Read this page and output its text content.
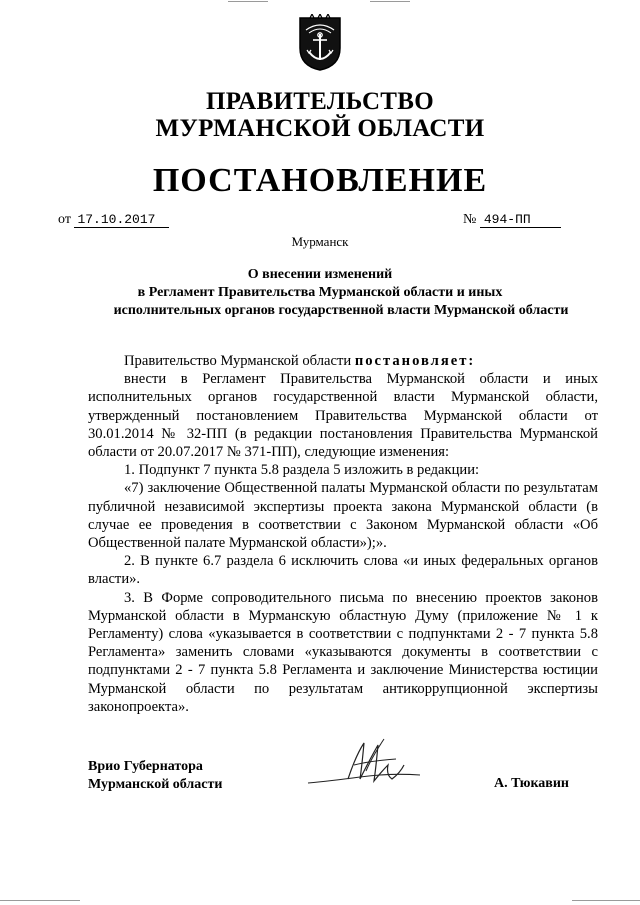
ПРАВИТЕЛЬСТВО
МУРМАНСКОЙ ОБЛАСТИ
ПОСТАНОВЛЕНИЕ
от 17.10.2017	№ 494-ПП
Мурманск
О внесении изменений
в Регламент Правительства Мурманской области и иных
исполнительных органов государственной власти Мурманской области

Правительство Мурманской области постановляет:

внести в Регламент Правительства Мурманской области и иных исполнительных органов государственной власти Мурманской области, утвержденный постановлением Правительства Мурманской области от 30.01.2014 № 32-ПП (в редакции постановления Правительства Мурманской области от 20.07.2017 № 371-ПП), следующие изменения:

1. Подпункт 7 пункта 5.8 раздела 5 изложить в редакции:

«7) заключение Общественной палаты Мурманской области по результатам публичной независимой экспертизы проекта закона Мурманской области (в случае ее проведения в соответствии с Законом Мурманской области «Об Общественной палате Мурманской области»);».

2. В пункте 6.7 раздела 6 исключить слова «и иных федеральных органов власти».

3. В Форме сопроводительного письма по внесению проектов законов Мурманской области в Мурманскую областную Думу (приложение № 1 к Регламенту) слова «указывается в соответствии с подпунктами 2 - 7 пункта 5.8 Регламента» заменить словами «указываются документы в соответствии с подпунктами 2 - 7 пункта 5.8 Регламента и заключение Министерства юстиции Мурманской области по результатам антикоррупционной экспертизы законопроекта».

Врио Губернатора
Мурманской области	А. Тюкавин
